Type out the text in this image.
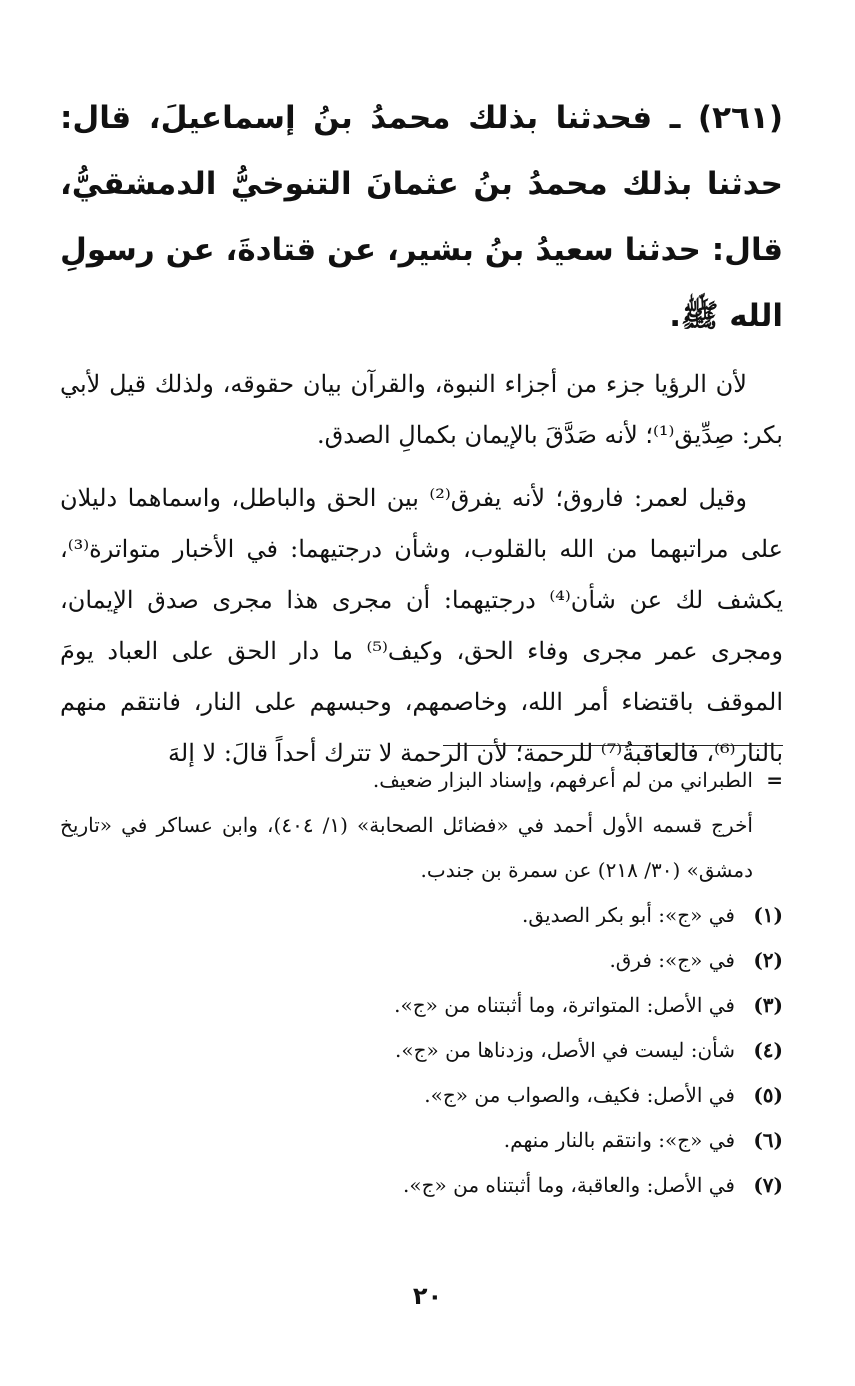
(٢٦١) ـ فحدثنا بذلك محمدُ بنُ إسماعيلَ، قال: حدثنا بذلك محمدُ بنُ عثمانَ التنوخيُّ الدمشقيُّ، قال: حدثنا سعيدُ بنُ بشير، عن قتادةَ، عن رسولِ الله ﷺ.

لأن الرؤيا جزء من أجزاء النبوة، والقرآن بيان حقوقه، ولذلك قيل لأبي بكر: صِدِّيق⁽¹⁾؛ لأنه صَدَّقَ بالإيمان بكمالِ الصدق.

وقيل لعمر: فاروق؛ لأنه يفرق⁽²⁾ بين الحق والباطل، واسماهما دليلان على مراتبهما من الله بالقلوب، وشأن درجتيهما: في الأخبار متواترة⁽³⁾، يكشف لك عن شأن⁽⁴⁾ درجتيهما: أن مجرى هذا مجرى صدق الإيمان، ومجرى عمر مجرى وفاء الحق، وكيف⁽⁵⁾ ما دار الحق على العباد يومَ الموقف باقتضاء أمر الله، وخاصمهم، وحبسهم على النار، فانتقم منهم بالنار⁽⁶⁾، فالعاقبةُ⁽⁷⁾ للرحمة؛ لأن الرحمة لا تترك أحداً قالَ: لا إلهَ

=

الطبراني من لم أعرفهم، وإسناد البزار ضعيف.

أخرج قسمه الأول أحمد في «فضائل الصحابة» (١/ ٤٠٤)، وابن عساكر في «تاريخ دمشق» (٣٠/ ٢١٨) عن سمرة بن جندب.

(١)
في «ج»: أبو بكر الصديق.
(٢)
في «ج»: فرق.
(٣)
في الأصل: المتواترة، وما أثبتناه من «ج».
(٤)
شأن: ليست في الأصل، وزدناها من «ج».
(٥)
في الأصل: فكيف، والصواب من «ج».
(٦)
في «ج»: وانتقم بالنار منهم.
(٧)
في الأصل: والعاقبة، وما أثبتناه من «ج».
٢٠
